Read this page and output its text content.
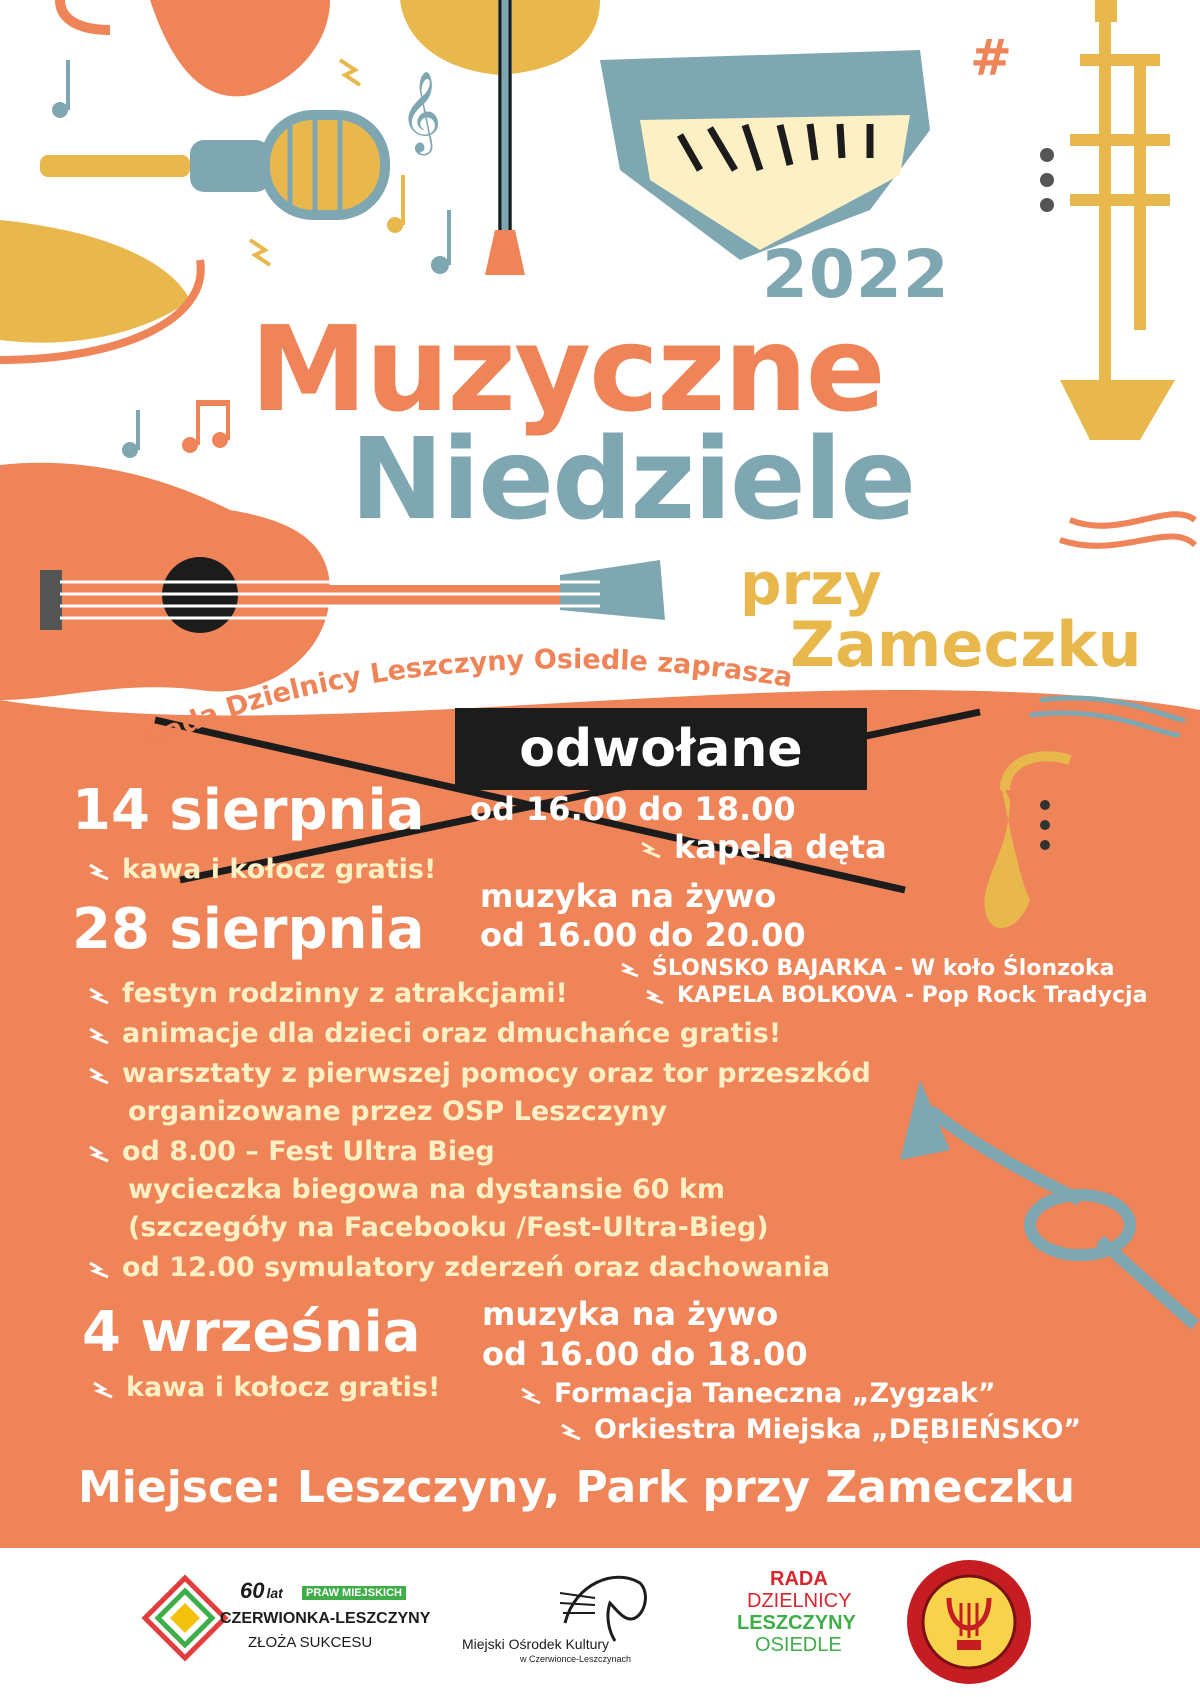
#
𝄞
2022
Muzyczne
Niedziele
przy
Zameczku
Rada Dzielnicy Leszczyny Osiedle zaprasza
odwołane
14 sierpnia od 16.00 do 18.00
kapela dęta
kawa i kołocz gratis!
muzyka na żywo
28 sierpnia od 16.00 do 20.00
ŚLONSKO BAJARKA - W koło Ślonzoka
KAPELA BOLKOVA - Pop Rock Tradycja
festyn rodzinny z atrakcjami!
animacje dla dzieci oraz dmuchańce gratis!
warsztaty z pierwszej pomocy oraz tor przeszkód
organizowane przez OSP Leszczyny
od 8.00 – Fest Ultra Bieg
wycieczka biegowa na dystansie 60 km
(szczegóły na Facebooku /Fest-Ultra-Bieg)
od 12.00 symulatory zderzeń oraz dachowania
muzyka na żywo
4 września od 16.00 do 18.00
kawa i kołocz gratis!	Formacja Taneczna „Zygzak”
Orkiestra Miejska „DĘBIEŃSKO”
Miejsce: Leszczyny, Park przy Zameczku
60 lat	PRAW MIEJSKICH
CZERWIONKA-LESZCZYNY
ZŁOŻA SUKCESU	Miejski Ośrodek Kultury
w Czerwionce-Leszczynach
RADA
DZIELNICY
LESZCZYNY
OSIEDLE
